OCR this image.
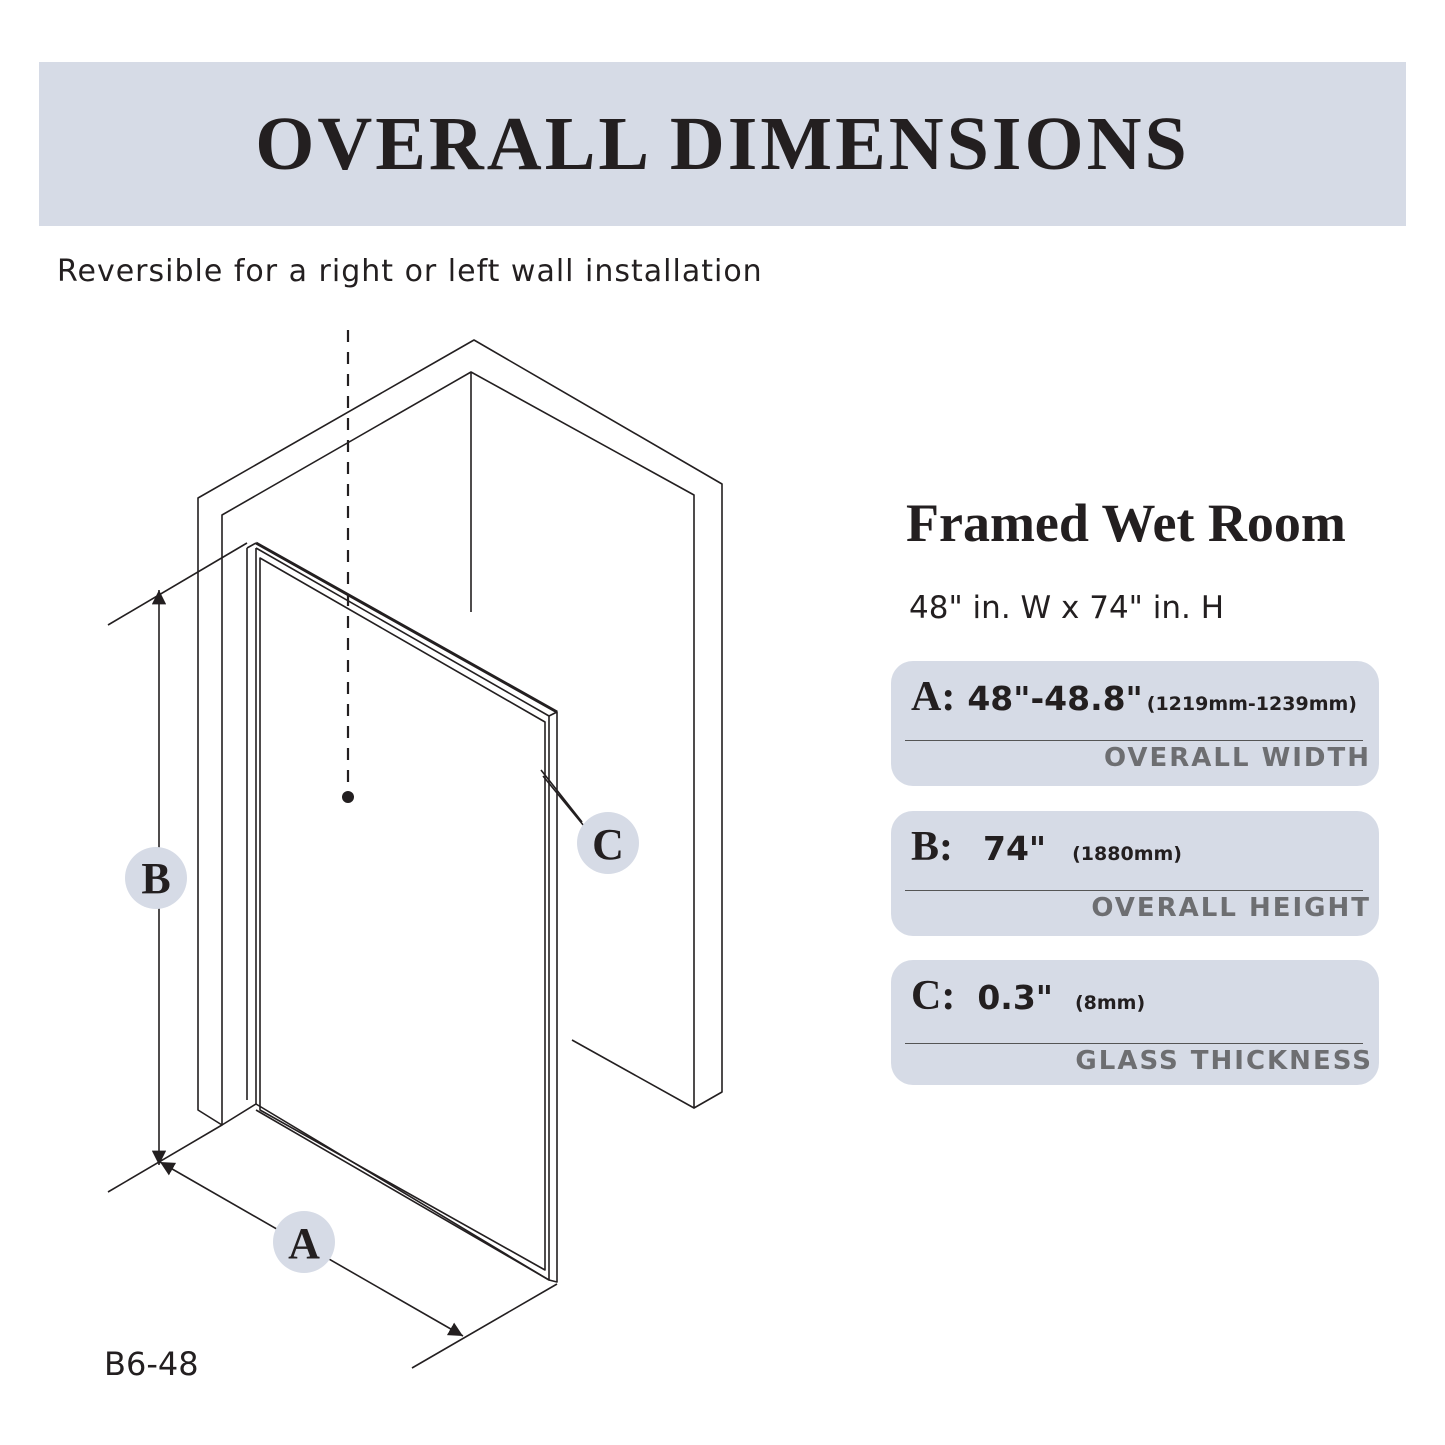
OVERALL DIMENSIONS
Reversible for a right or left wall installation
B
A
C
Framed Wet Room
48" in. W x 74" in. H
A: 48"-48.8" (1219mm-1239mm)
OVERALL WIDTH
B: 74" (1880mm)
OVERALL HEIGHT
C: 0.3" (8mm)
GLASS THICKNESS
B6-48
